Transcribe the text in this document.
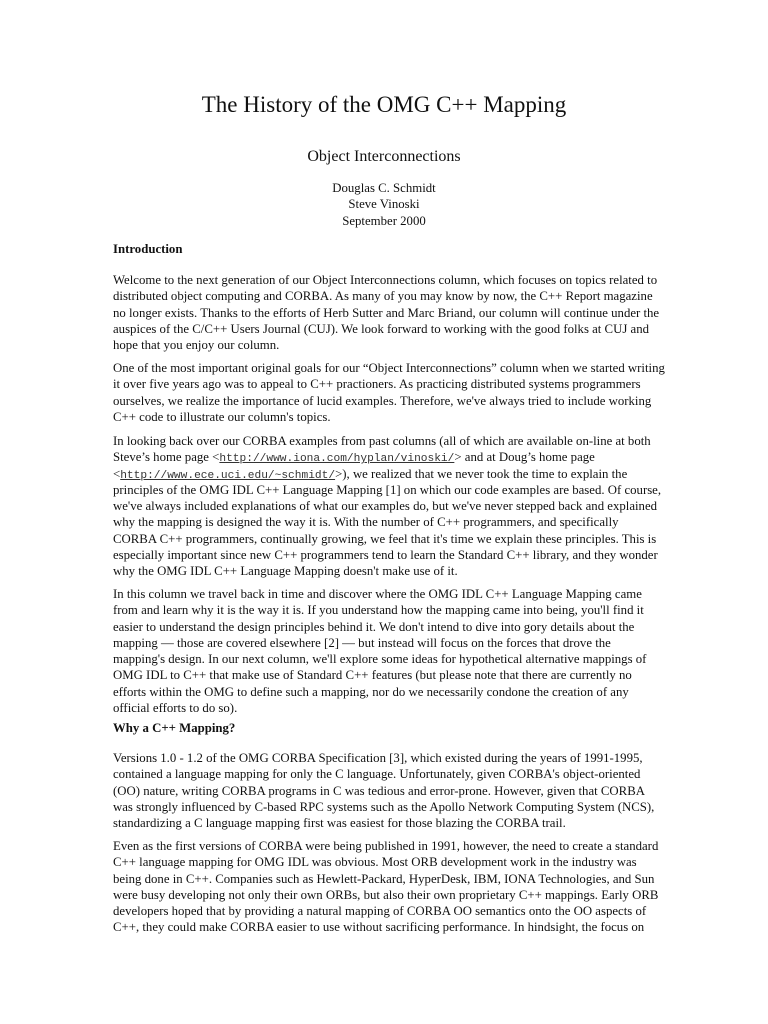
The History of the OMG C++ Mapping
Object Interconnections
Douglas C. Schmidt
Steve Vinoski
September 2000
Introduction
Welcome to the next generation of our Object Interconnections column, which focuses on topics related to
distributed object computing and CORBA. As many of you may know by now, the C++ Report magazine
no longer exists. Thanks to the efforts of Herb Sutter and Marc Briand, our column will continue under the
auspices of the C/C++ Users Journal (CUJ). We look forward to working with the good folks at CUJ and
hope that you enjoy our column.
One of the most important original goals for our “Object Interconnections” column when we started writing
it over five years ago was to appeal to C++ practioners. As practicing distributed systems programmers
ourselves, we realize the importance of lucid examples. Therefore, we've always tried to include working
C++ code to illustrate our column's topics.
In looking back over our CORBA examples from past columns (all of which are available on-line at both
Steve’s home page <http://www.iona.com/hyplan/vinoski/> and at Doug’s home page
<http://www.ece.uci.edu/~schmidt/>), we realized that we never took the time to explain the
principles of the OMG IDL C++ Language Mapping [1] on which our code examples are based. Of course,
we've always included explanations of what our examples do, but we've never stepped back and explained
why the mapping is designed the way it is. With the number of C++ programmers, and specifically
CORBA C++ programmers, continually growing, we feel that it's time we explain these principles. This is
especially important since new C++ programmers tend to learn the Standard C++ library, and they wonder
why the OMG IDL C++ Language Mapping doesn't make use of it.
In this column we travel back in time and discover where the OMG IDL C++ Language Mapping came
from and learn why it is the way it is. If you understand how the mapping came into being, you'll find it
easier to understand the design principles behind it. We don't intend to dive into gory details about the
mapping — those are covered elsewhere [2] — but instead will focus on the forces that drove the
mapping's design. In our next column, we'll explore some ideas for hypothetical alternative mappings of
OMG IDL to C++ that make use of Standard C++ features (but please note that there are currently no
efforts within the OMG to define such a mapping, nor do we necessarily condone the creation of any
official efforts to do so).
Why a C++ Mapping?
Versions 1.0 - 1.2 of the OMG CORBA Specification [3], which existed during the years of 1991-1995,
contained a language mapping for only the C language. Unfortunately, given CORBA's object-oriented
(OO) nature, writing CORBA programs in C was tedious and error-prone. However, given that CORBA
was strongly influenced by C-based RPC systems such as the Apollo Network Computing System (NCS),
standardizing a C language mapping first was easiest for those blazing the CORBA trail.
Even as the first versions of CORBA were being published in 1991, however, the need to create a standard
C++ language mapping for OMG IDL was obvious. Most ORB development work in the industry was
being done in C++. Companies such as Hewlett-Packard, HyperDesk, IBM, IONA Technologies, and Sun
were busy developing not only their own ORBs, but also their own proprietary C++ mappings. Early ORB
developers hoped that by providing a natural mapping of CORBA OO semantics onto the OO aspects of
C++, they could make CORBA easier to use without sacrificing performance. In hindsight, the focus on
